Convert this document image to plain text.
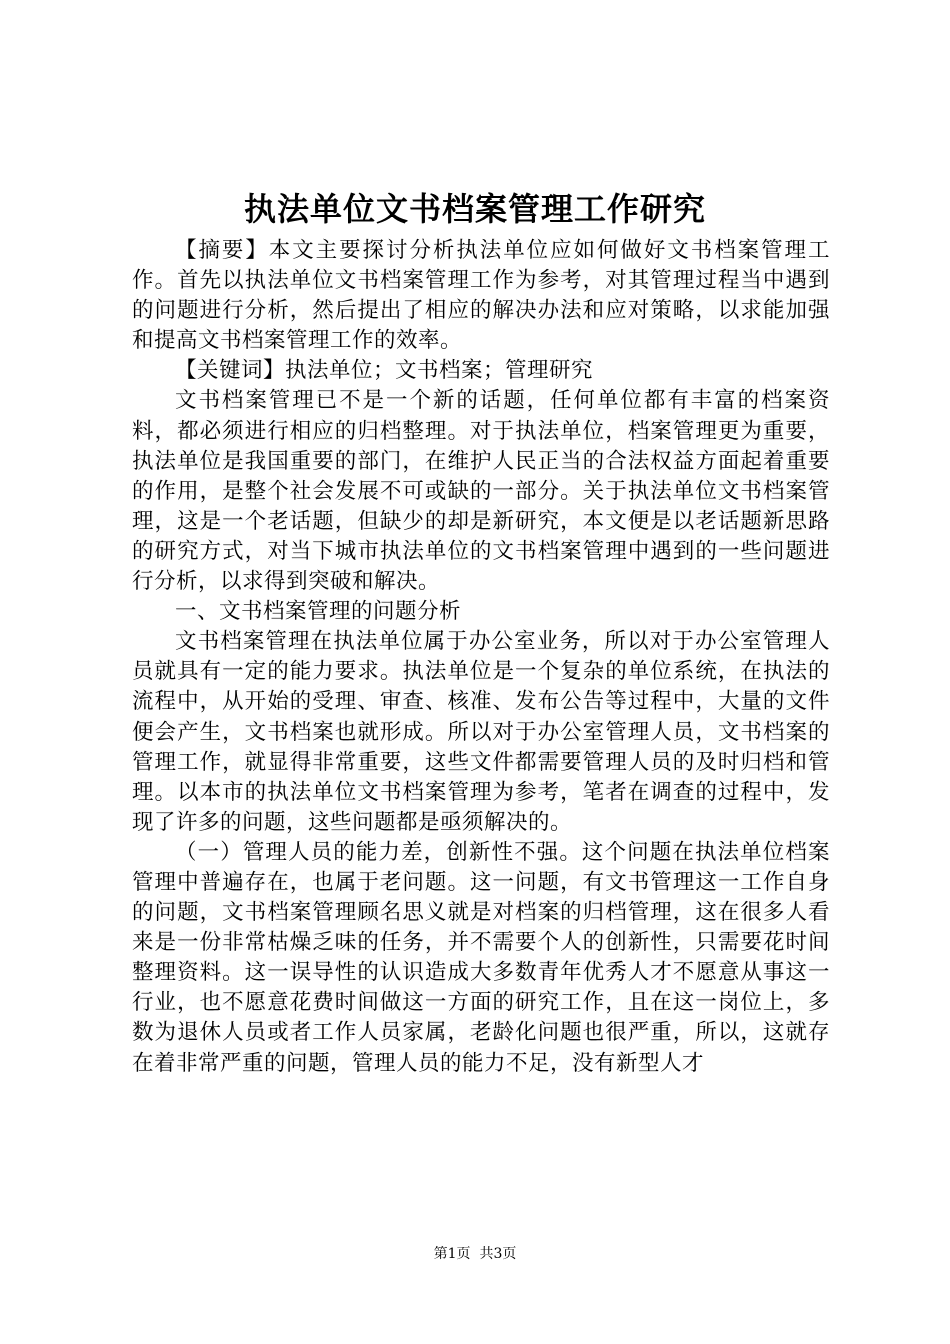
执法单位文书档案管理工作研究

【摘要】本文主要探讨分析执法单位应如何做好文书档案管理工作。首先以执法单位文书档案管理工作为参考，对其管理过程当中遇到的问题进行分析，然后提出了相应的解决办法和应对策略，以求能加强和提高文书档案管理工作的效率。

【关键词】执法单位；文书档案；管理研究

文书档案管理已不是一个新的话题，任何单位都有丰富的档案资料，都必须进行相应的归档整理。对于执法单位，档案管理更为重要，执法单位是我国重要的部门，在维护人民正当的合法权益方面起着重要的作用，是整个社会发展不可或缺的一部分。关于执法单位文书档案管理，这是一个老话题，但缺少的却是新研究，本文便是以老话题新思路的研究方式，对当下城市执法单位的文书档案管理中遇到的一些问题进行分析，以求得到突破和解决。

一、文书档案管理的问题分析

文书档案管理在执法单位属于办公室业务，所以对于办公室管理人员就具有一定的能力要求。执法单位是一个复杂的单位系统，在执法的流程中，从开始的受理、审查、核准、发布公告等过程中，大量的文件便会产生，文书档案也就形成。所以对于办公室管理人员，文书档案的管理工作，就显得非常重要，这些文件都需要管理人员的及时归档和管理。以本市的执法单位文书档案管理为参考，笔者在调查的过程中，发现了许多的问题，这些问题都是亟须解决的。

（一）管理人员的能力差，创新性不强。这个问题在执法单位档案管理中普遍存在，也属于老问题。这一问题，有文书管理这一工作自身的问题，文书档案管理顾名思义就是对档案的归档管理，这在很多人看来是一份非常枯燥乏味的任务，并不需要个人的创新性，只需要花时间整理资料。这一误导性的认识造成大多数青年优秀人才不愿意从事这一行业，也不愿意花费时间做这一方面的研究工作，且在这一岗位上，多数为退休人员或者工作人员家属，老龄化问题也很严重，所以，这就存在着非常严重的问题，管理人员的能力不足，没有新型人才

第1页 共3页
